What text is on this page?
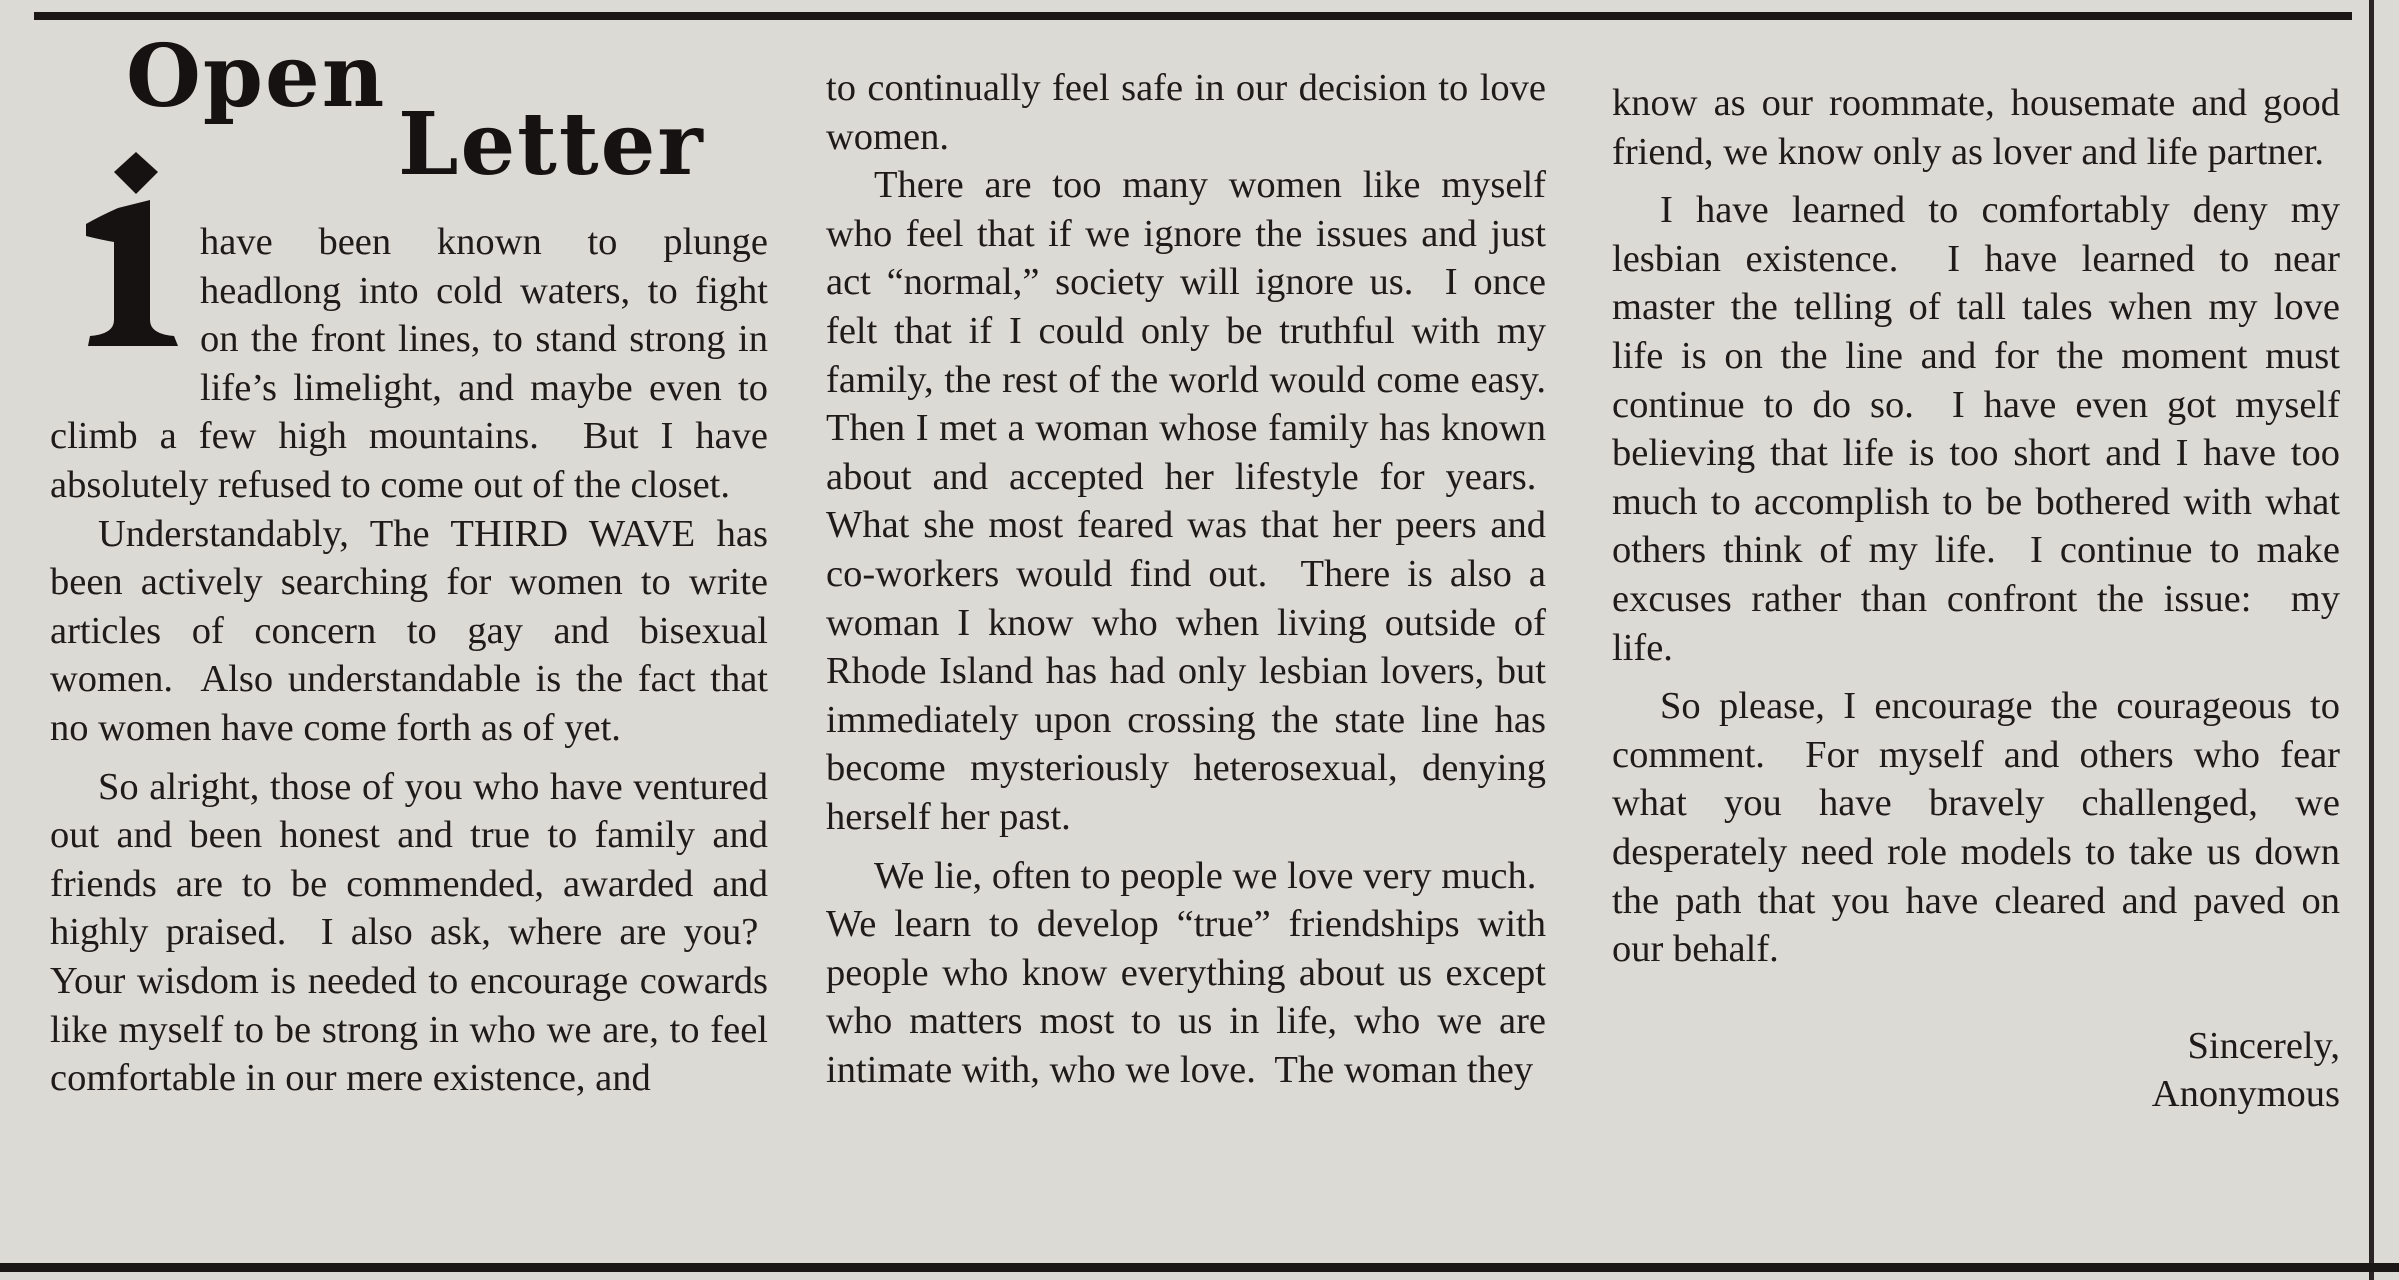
Open
Letter

have been known to plunge headlong into cold waters, to fight on the front lines, to stand strong in life’s limelight, and maybe even to climb a few high mountains.  But I have absolutely refused to come out of the closet.

Understandably, The THIRD WAVE has been actively searching for women to write articles of concern to gay and bisexual women.  Also understandable is the fact that no women have come forth as of yet.

So alright, those of you who have ventured out and been honest and true to family and friends are to be commended, awarded and highly praised.  I also ask, where are you?  Your wisdom is needed to encourage cowards like myself to be strong in who we are, to feel comfortable in our mere existence, and

to continually feel safe in our decision to love women.

There are too many women like myself who feel that if we ignore the issues and just act “normal,” society will ignore us.  I once felt that if I could only be truthful with my family, the rest of the world would come easy. Then I met a woman whose family has known about and accepted her lifestyle for years.  What she most feared was that her peers and co-workers would find out.  There is also a woman I know who when living outside of Rhode Island has had only lesbian lovers, but immediately upon crossing the state line has become mysteriously heterosexual, denying herself her past.

We lie, often to people we love very much.  We learn to develop “true” friendships with people who know everything about us except who matters most to us in life, who we are intimate with, who we love.  The woman they

know as our roommate, housemate and good friend, we know only as lover and life partner.

I have learned to comfortably deny my lesbian existence.  I have learned to near master the telling of tall tales when my love life is on the line and for the moment must continue to do so.  I have even got myself believing that life is too short and I have too much to accomplish to be bothered with what others think of my life.  I continue to make excuses rather than confront the issue:  my life.

So please, I encourage the courageous to comment.  For myself and others who fear what you have bravely challenged, we desperately need role models to take us down the path that you have cleared and paved on our behalf.

Sincerely,

Anonymous
